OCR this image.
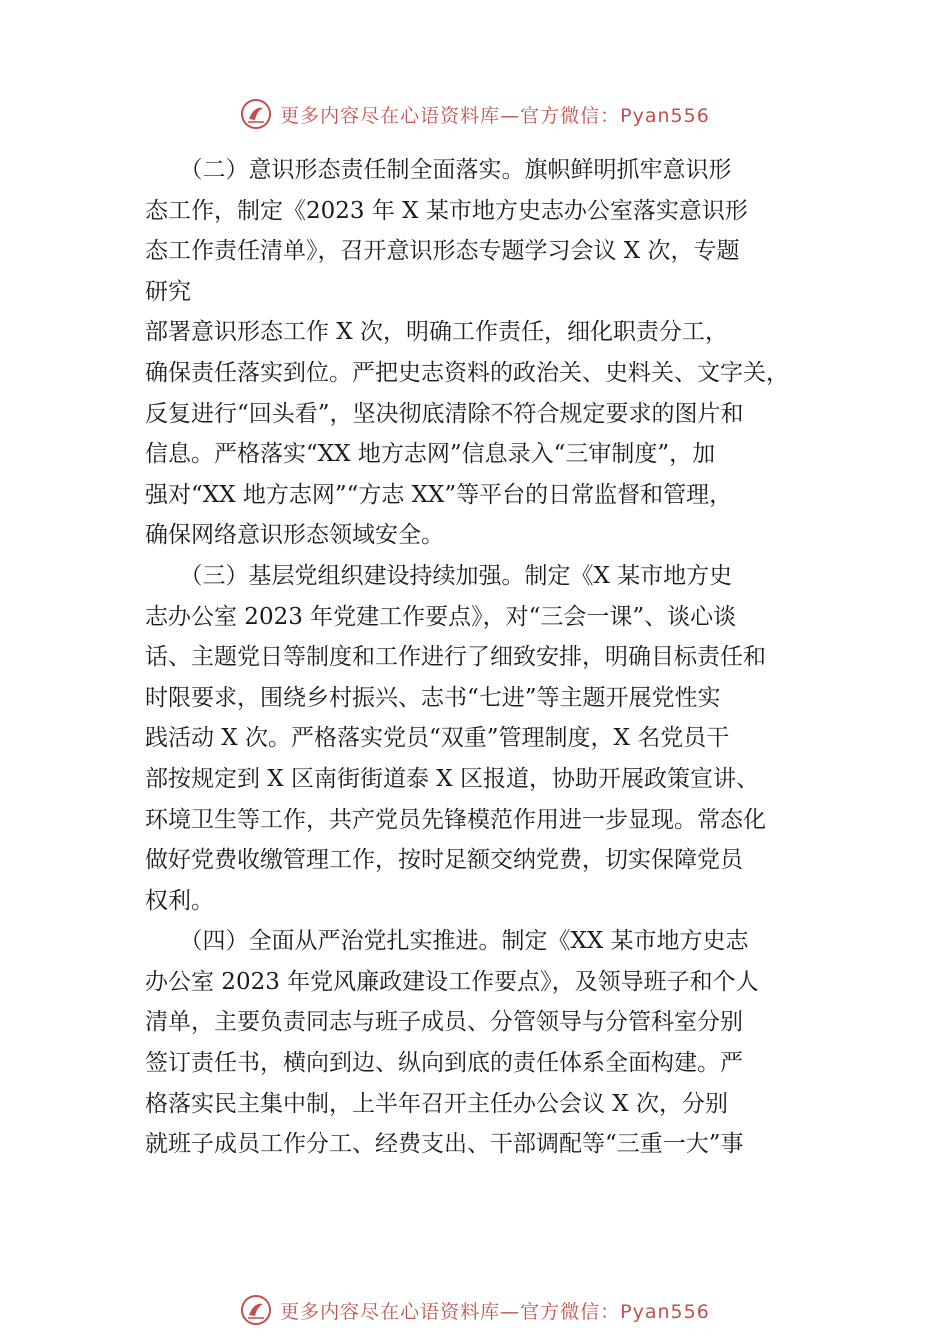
更多内容尽在心语资料库—官方微信：Pyan556
　　（二）意识形态责任制全面落实。旗帜鲜明抓牢意识形
态工作，制定《2023 年 X 某市地方史志办公室落实意识形
态工作责任清单》，召开意识形态专题学习会议 X 次，专题
研究
部署意识形态工作 X 次，明确工作责任，细化职责分工，
确保责任落实到位。严把史志资料的政治关、史料关、文字关，
反复进行“回头看”，坚决彻底清除不符合规定要求的图片和
信息。严格落实“XX 地方志网”信息录入“三审制度”，加
强对“XX 地方志网”“方志 XX”等平台的日常监督和管理，
确保网络意识形态领域安全。
　　（三）基层党组织建设持续加强。制定《X 某市地方史
志办公室 2023 年党建工作要点》，对“三会一课”、谈心谈
话、主题党日等制度和工作进行了细致安排，明确目标责任和
时限要求，围绕乡村振兴、志书“七进”等主题开展党性实
践活动 X 次。严格落实党员“双重”管理制度，X 名党员干
部按规定到 X 区南街街道泰 X 区报道，协助开展政策宣讲、
环境卫生等工作，共产党员先锋模范作用进一步显现。常态化
做好党费收缴管理工作，按时足额交纳党费，切实保障党员
权利。
　　（四）全面从严治党扎实推进。制定《XX 某市地方史志
办公室 2023 年党风廉政建设工作要点》，及领导班子和个人
清单，主要负责同志与班子成员、分管领导与分管科室分别
签订责任书，横向到边、纵向到底的责任体系全面构建。严
格落实民主集中制，上半年召开主任办公会议 X 次，分别
就班子成员工作分工、经费支出、干部调配等“三重一大”事
更多内容尽在心语资料库—官方微信：Pyan556
